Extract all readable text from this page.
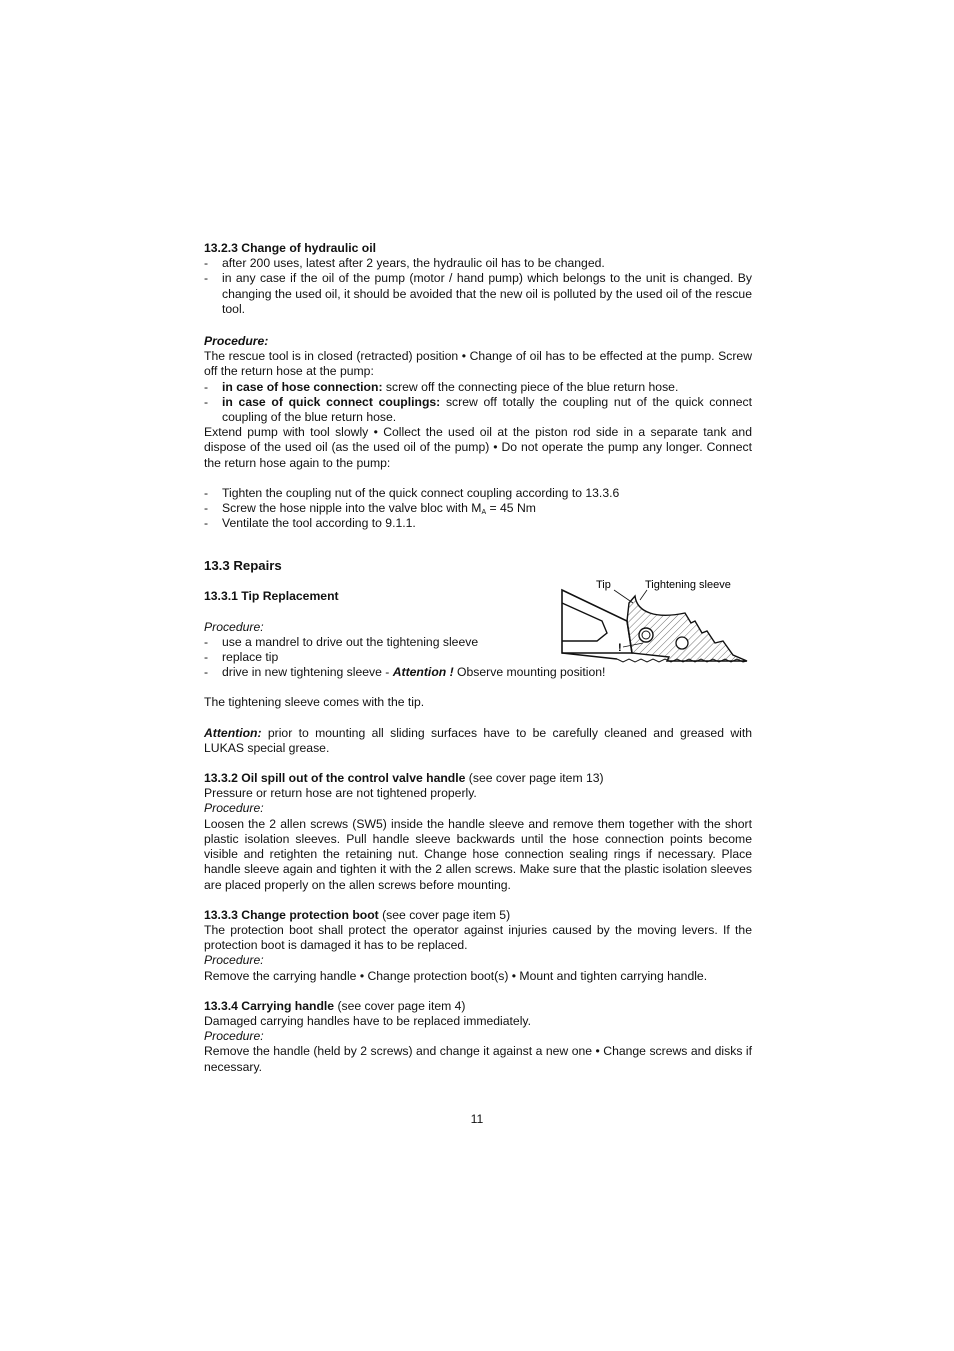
13.2.3 Change of hydraulic oil

- after 200 uses, latest after 2 years, the hydraulic oil has to be changed.

- in any case if the oil of the pump (motor / hand pump) which belongs to the unit is changed. By changing the used oil, it should be avoided that the new oil is polluted by the used oil of the rescue tool.

Procedure:

The rescue tool is in closed (retracted) position • Change of oil has to be effected at the pump. Screw off the return hose at the pump:

- in case of hose connection: screw off the connecting piece of the blue return hose.

- in case of quick connect couplings: screw off totally the coupling nut of the quick connect coupling of the blue return hose.

Extend pump with tool slowly • Collect the used oil at the piston rod side in a separate tank and dispose of the used oil (as the used oil of the pump) • Do not operate the pump any longer. Connect the return hose again to the pump:

- Tighten the coupling nut of the quick connect coupling according to 13.3.6

- Screw the hose nipple into the valve bloc with $M_A = 45$ Nm

- Ventilate the tool according to 9.1.1.

13.3 Repairs

13.3.1 Tip Replacement

Procedure:

- use a mandrel to drive out the tightening sleeve

- replace tip

- drive in new tightening sleeve - Attention ! Observe mounting position!

The tightening sleeve comes with the tip.

Attention: prior to mounting all sliding surfaces have to be carefully cleaned and greased with LUKAS special grease.

13.3.2 Oil spill out of the control valve handle (see cover page item 13)

Pressure or return hose are not tightened properly.

Procedure:

Loosen the 2 allen screws (SW5) inside the handle sleeve and remove them together with the short plastic isolation sleeves. Pull handle sleeve backwards until the hose connection points become visible and retighten the retaining nut. Change hose connection sealing rings if necessary. Place handle sleeve again and tighten it with the 2 allen screws. Make sure that the plastic isolation sleeves are placed properly on the allen screws before mounting.

13.3.3 Change protection boot (see cover page item 5)

The protection boot shall protect the operator against injuries caused by the moving levers. If the protection boot is damaged it has to be replaced.

Procedure:

Remove the carrying handle • Change protection boot(s) • Mount and tighten carrying handle.

13.3.4 Carrying handle (see cover page item 4)

Damaged carrying handles have to be replaced immediately.

Procedure:

Remove the handle (held by 2 screws) and change it against a new one • Change screws and disks if necessary.

Tip	Tightening sleeve
!
11
